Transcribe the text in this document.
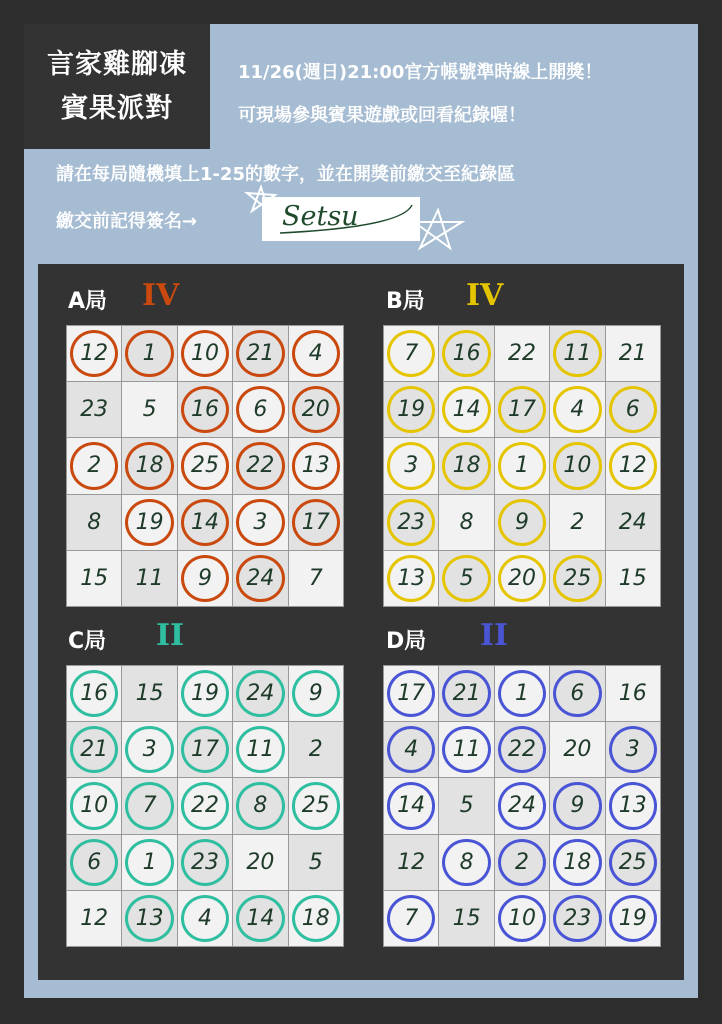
言家雞腳凍
賓果派對
11/26(週日)21:00官方帳號準時線上開獎！
可現場參與賓果遊戲或回看紀錄喔！
請在每局隨機填上1-25的數字，並在開獎前繳交至紀錄區
繳交前記得簽名→	Setsu
A局 IV	B局 IV
C局 II	D局 II
12 1 10 21 4
23 5 16 6 20
2 18 25 22 13
8 19 14 3 17
15 11 9 24 7
7 16 22 11 21
19 14 17 4 6
3 18 1 10 12
23 8 9 2 24
13 5 20 25 15
16 15 19 24 9
21 3 17 11 2
10 7 22 8 25
6 1 23 20 5
12 13 4 14 18
17 21 1 6 16
4 11 22 20 3
14 5 24 9 13
12 8 2 18 25
7 15 10 23 19
